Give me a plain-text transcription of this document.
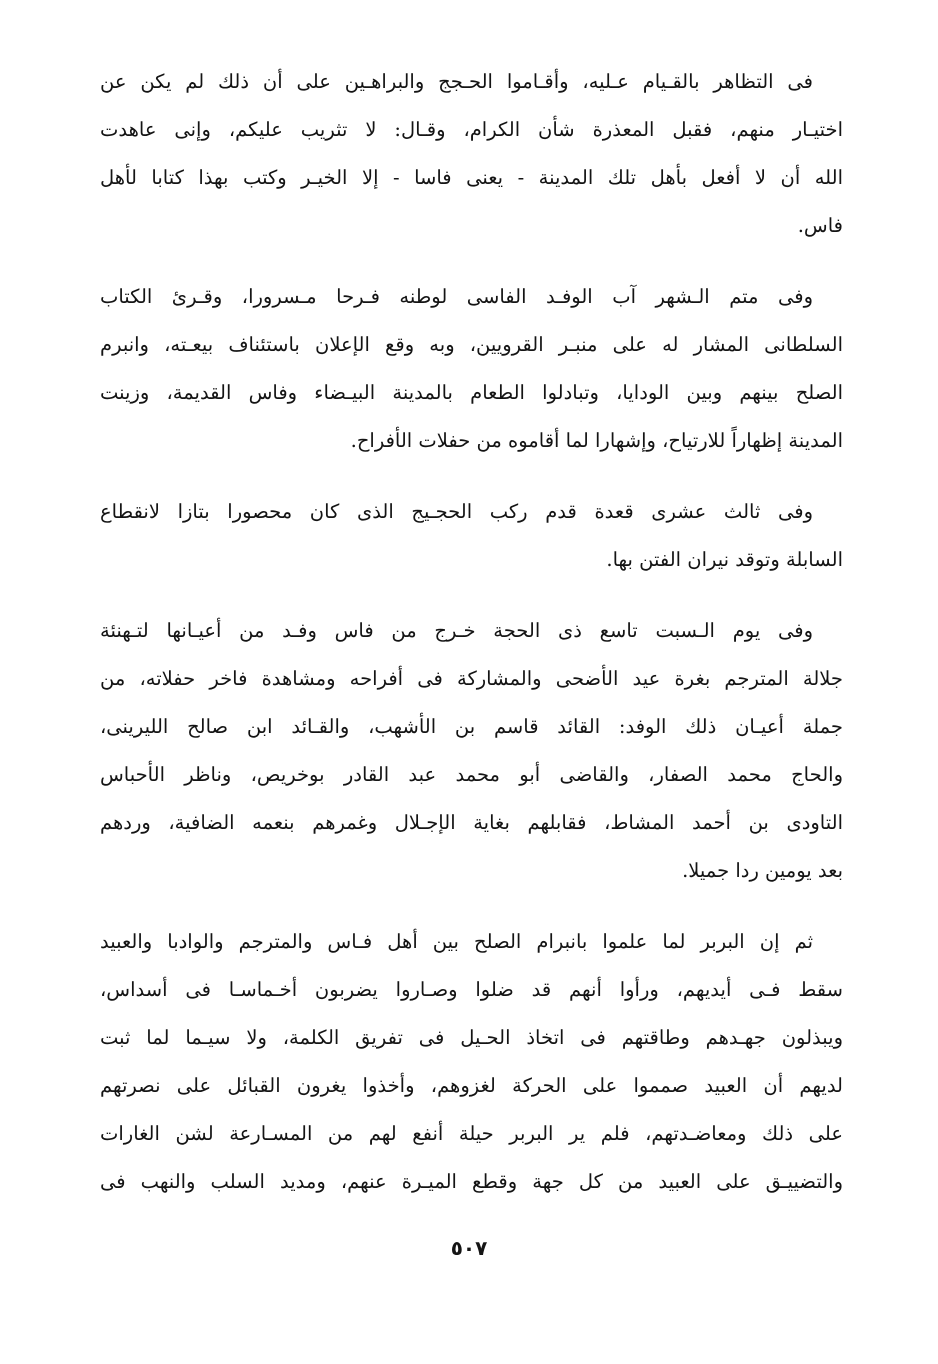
فى التظاهر بالقـيام عـليه، وأقـاموا الحـجج والبراهـين على أن ذلك لم يكن عن
اختيـار منهم، فقبل المعذرة شأن الكرام، وقـال: لا تثريب عليكم، وإنى عاهدت
الله أن لا أفعل بأهل تلك المدينة - يعنى فاسا - إلا الخيـر وكتب بهذا كتابا لأهل
فاس.
وفى متم الـشهر آب الوفـد الفاسى لوطنه فـرحا مـسرورا، وقـرئ الكتاب
السلطانى المشار له على منبـر القرويين، وبه وقع الإعلان باستئناف بيعـته، وانبرم
الصلح بينهم وبين الودايا، وتبادلوا الطعام بالمدينة البيـضاء وفاس القديمة، وزينت
المدينة إظهاراً للارتياح، وإشهارا لما أقاموه من حفلات الأفراح.
وفى ثالث عشرى قعدة قدم ركب الحجـيج الذى كان محصورا بتازا لانقطاع
السابلة وتوقد نيران الفتن بها.
وفى يوم الـسبت تاسع ذى الحجة خـرج من فاس وفـد من أعيـانها لتـهنئة
جلالة المترجم بغرة عيد الأضحى والمشاركة فى أفراحه ومشاهدة فاخر حفلاته، من
جملة أعيـان ذلك الوفد: القائد قاسم بن الأشهب، والقـائد ابن صالح الليرينى،
والحاج محمد الصفار، والقاضى أبو محمد عبد القادر بوخريص، وناظر الأحباس
التاودى بن أحمد المشاط، فقابلهم بغاية الإجـلال وغمرهم بنعمه الضافية، وردهم
بعد يومين ردا جميلا.
ثم إن البربر لما علموا بانبرام الصلح بين أهل فـاس والمترجم والوادبا والعبيد
سقط فـى أيديهم، ورأوا أنهم قد ضلوا وصـاروا يضربون أخـماسـا فى أسداس،
ويبذلون جهـدهم وطاقتهم فى اتخاذ الحـيل فى تفريق الكلمة، ولا سيـما لما ثبت
لديهم أن العبيد صمموا على الحركة لغزوهم، وأخذوا يغرون القبائل على نصرتهم
على ذلك ومعاضـدتهم، فلم ير البربر حيلة أنفع لهم من المسـارعة لشن الغارات
والتضييـق على العبيد من كل جهة وقطع الميـرة عنهم، ومديد السلب والنهب فى
٥٠٧
